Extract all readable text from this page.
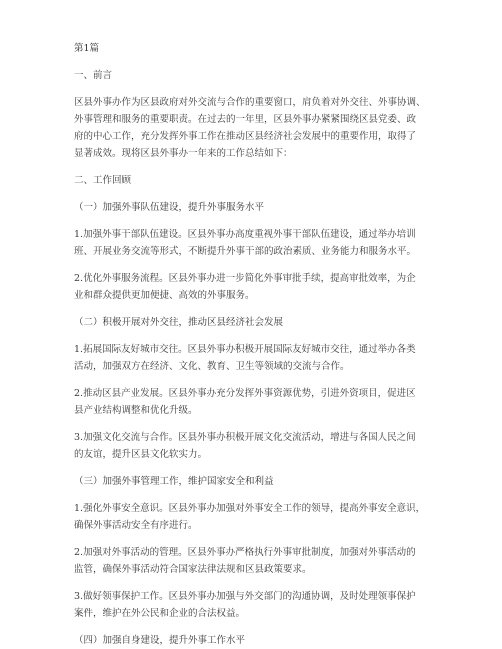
第1篇

一、前言

区县外事办作为区县政府对外交流与合作的重要窗口，肩负着对外交往、外事协调、

外事管理和服务的重要职责。在过去的一年里，区县外事办紧紧围绕区县党委、政

府的中心工作，充分发挥外事工作在推动区县经济社会发展中的重要作用，取得了

显著成效。现将区县外事办一年来的工作总结如下：

二、工作回顾

（一）加强外事队伍建设，提升外事服务水平

1.加强外事干部队伍建设。区县外事办高度重视外事干部队伍建设，通过举办培训

班、开展业务交流等形式，不断提升外事干部的政治素质、业务能力和服务水平。

2.优化外事服务流程。区县外事办进一步简化外事审批手续，提高审批效率，为企

业和群众提供更加便捷、高效的外事服务。

（二）积极开展对外交往，推动区县经济社会发展

1.拓展国际友好城市交往。区县外事办积极开展国际友好城市交往，通过举办各类

活动，加强双方在经济、文化、教育、卫生等领域的交流与合作。

2.推动区县产业发展。区县外事办充分发挥外事资源优势，引进外资项目，促进区

县产业结构调整和优化升级。

3.加强文化交流与合作。区县外事办积极开展文化交流活动，增进与各国人民之间

的友谊，提升区县文化软实力。

（三）加强外事管理工作，维护国家安全和利益

1.强化外事安全意识。区县外事办加强对外事安全工作的领导，提高外事安全意识，

确保外事活动安全有序进行。

2.加强对外事活动的管理。区县外事办严格执行外事审批制度，加强对外事活动的

监管，确保外事活动符合国家法律法规和区县政策要求。

3.做好领事保护工作。区县外事办加强与外交部门的沟通协调，及时处理领事保护

案件，维护在外公民和企业的合法权益。

（四）加强自身建设，提升外事工作水平
